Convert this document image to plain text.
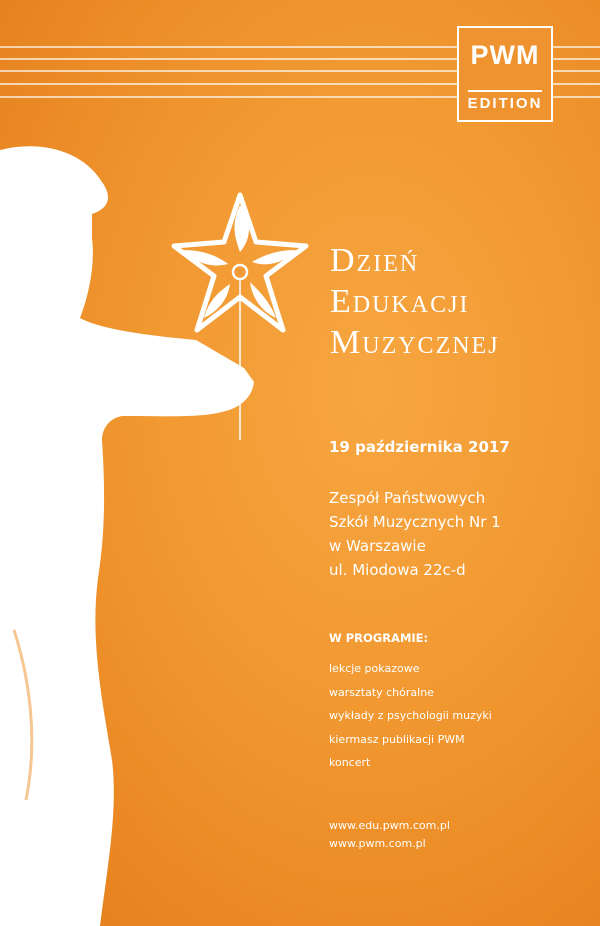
PWM
EDITION
Dzień
Edukacji
Muzycznej
19 października 2017
Zespół Państwowych
Szkół Muzycznych Nr 1
w Warszawie
ul. Miodowa 22c-d
W PROGRAMIE:
lekcje pokazowe
warsztaty chóralne
wykłady z psychologii muzyki
kiermasz publikacji PWM
koncert
www.edu.pwm.com.pl
www.pwm.com.pl
